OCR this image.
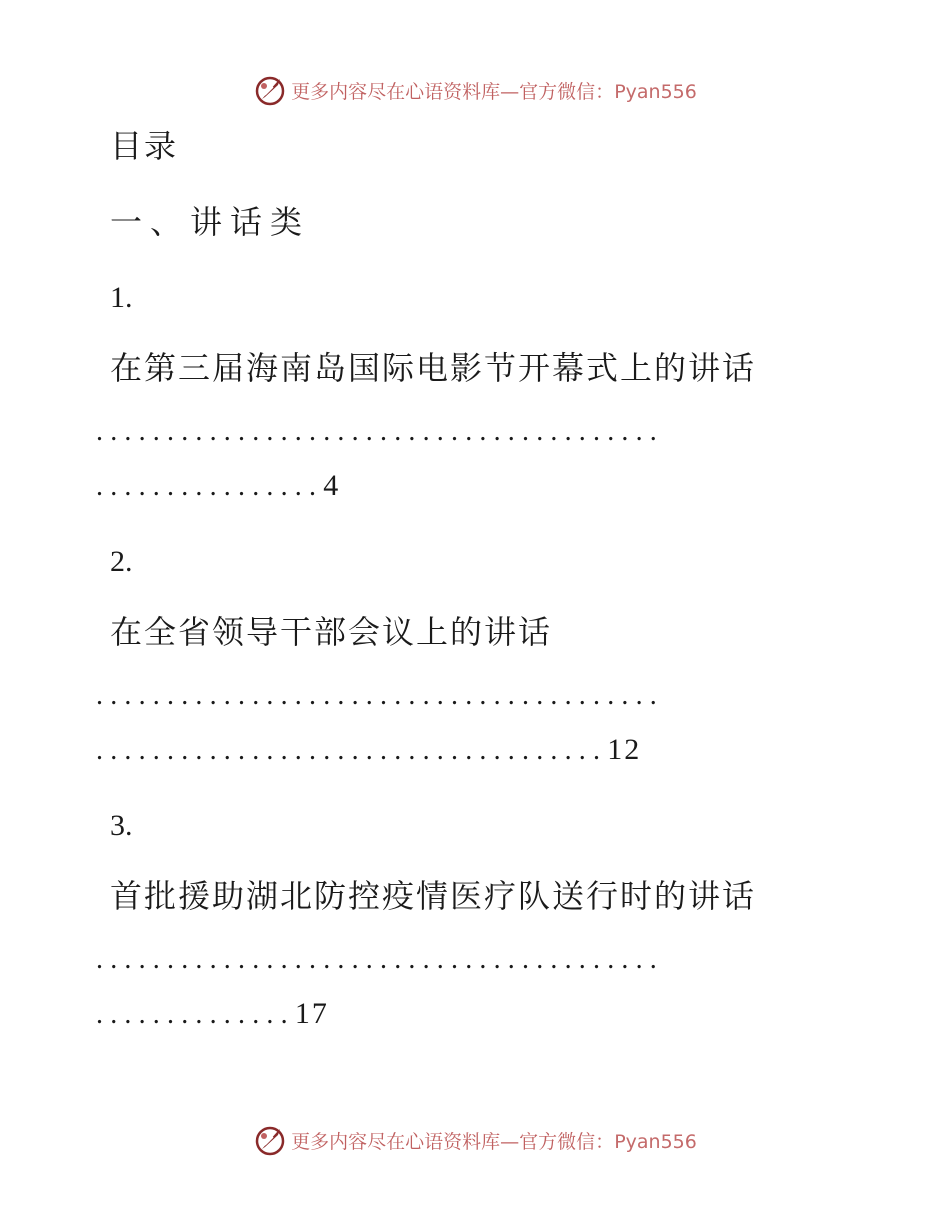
更多内容尽在心语资料库—官方微信：Pyan556
目录
一、讲话类
1.
在第三届海南岛国际电影节开幕式上的讲话
........................................
................4
2.
在全省领导干部会议上的讲话
........................................
....................................12
3.
首批援助湖北防控疫情医疗队送行时的讲话
........................................
..............17
更多内容尽在心语资料库—官方微信：Pyan556
